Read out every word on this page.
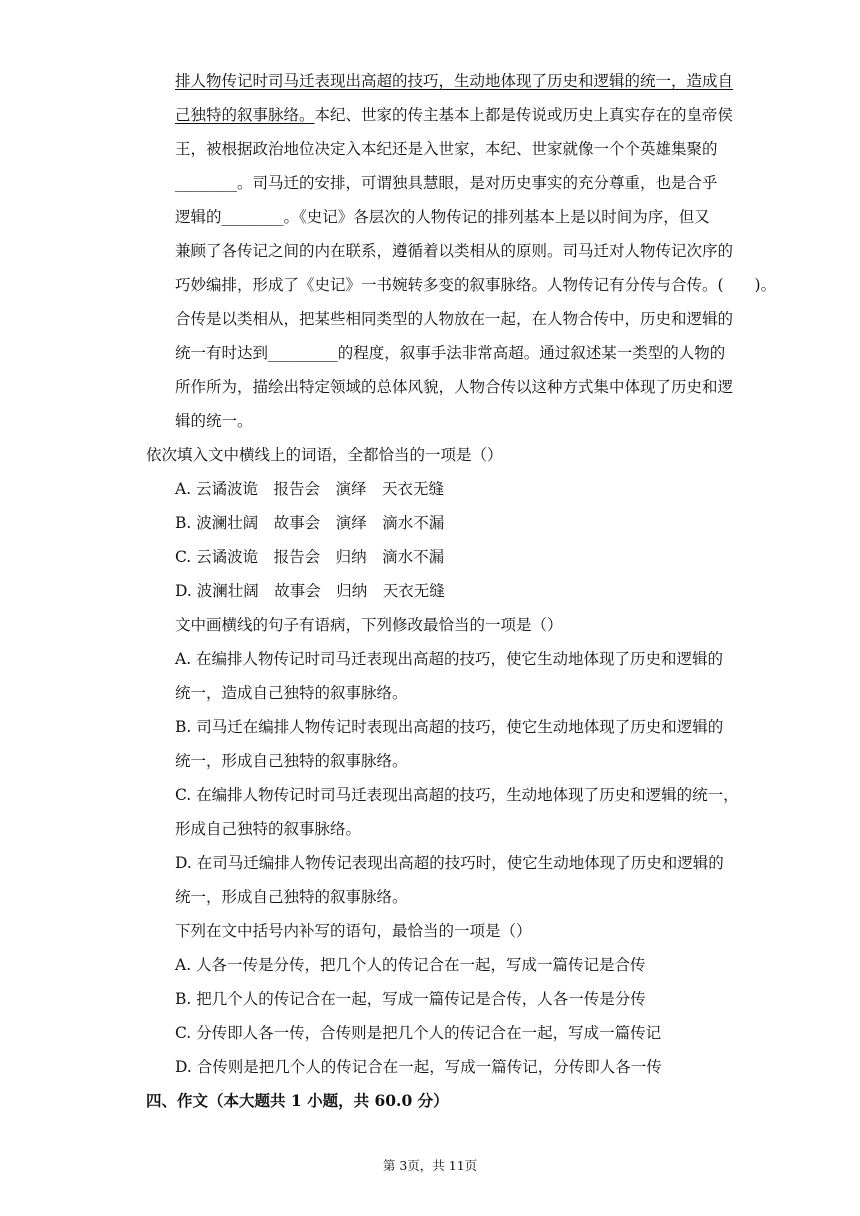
排人物传记时司马迁表现出高超的技巧，生动地体现了历史和逻辑的统一，造成自
己独特的叙事脉络。本纪、世家的传主基本上都是传说或历史上真实存在的皇帝侯
王，被根据政治地位决定入本纪还是入世家，本纪、世家就像一个个英雄集聚的
________。司马迁的安排，可谓独具慧眼，是对历史事实的充分尊重，也是合乎
逻辑的________。《史记》各层次的人物传记的排列基本上是以时间为序，但又
兼顾了各传记之间的内在联系，遵循着以类相从的原则。司马迁对人物传记次序的
巧妙编排，形成了《史记》一书婉转多变的叙事脉络。人物传记有分传与合传。(　　)。
合传是以类相从，把某些相同类型的人物放在一起，在人物合传中，历史和逻辑的
统一有时达到_________的程度，叙事手法非常高超。通过叙述某一类型的人物的
所作所为，描绘出特定领域的总体风貌，人物合传以这种方式集中体现了历史和逻
辑的统一。
依次填入文中横线上的词语，全都恰当的一项是（）
A. 云谲波诡　报告会　演绎　天衣无缝
B. 波澜壮阔　故事会　演绎　滴水不漏
C. 云谲波诡　报告会　归纳　滴水不漏
D. 波澜壮阔　故事会　归纳　天衣无缝
文中画横线的句子有语病，下列修改最恰当的一项是（）
A. 在编排人物传记时司马迁表现出高超的技巧，使它生动地体现了历史和逻辑的
统一，造成自己独特的叙事脉络。
B. 司马迁在编排人物传记时表现出高超的技巧，使它生动地体现了历史和逻辑的
统一，形成自己独特的叙事脉络。
C. 在编排人物传记时司马迁表现出高超的技巧，生动地体现了历史和逻辑的统一，
形成自己独特的叙事脉络。
D. 在司马迁编排人物传记表现出高超的技巧时，使它生动地体现了历史和逻辑的
统一，形成自己独特的叙事脉络。
下列在文中括号内补写的语句，最恰当的一项是（）
A. 人各一传是分传，把几个人的传记合在一起，写成一篇传记是合传
B. 把几个人的传记合在一起，写成一篇传记是合传，人各一传是分传
C. 分传即人各一传，合传则是把几个人的传记合在一起，写成一篇传记
D. 合传则是把几个人的传记合在一起，写成一篇传记，分传即人各一传
四、作文（本大题共 1 小题，共 60.0 分）
第 3页，共 11页
